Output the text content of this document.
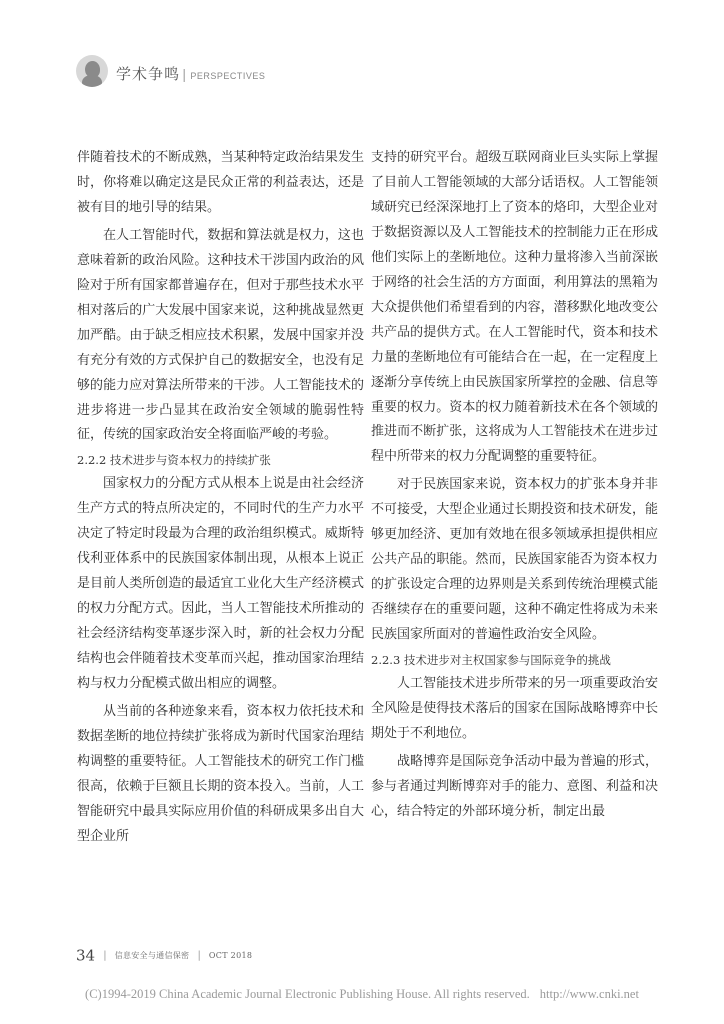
学术争鸣 | PERSPECTIVES

伴随着技术的不断成熟，当某种特定政治结果发生时，你将难以确定这是民众正常的利益表达，还是被有目的地引导的结果。

在人工智能时代，数据和算法就是权力，这也意味着新的政治风险。这种技术干涉国内政治的风险对于所有国家都普遍存在，但对于那些技术水平相对落后的广大发展中国家来说，这种挑战显然更加严酷。由于缺乏相应技术积累，发展中国家并没有充分有效的方式保护自己的数据安全，也没有足够的能力应对算法所带来的干涉。人工智能技术的进步将进一步凸显其在政治安全领域的脆弱性特征，传统的国家政治安全将面临严峻的考验。

2.2.2 技术进步与资本权力的持续扩张

国家权力的分配方式从根本上说是由社会经济生产方式的特点所决定的，不同时代的生产力水平决定了特定时段最为合理的政治组织模式。威斯特伐利亚体系中的民族国家体制出现，从根本上说正是目前人类所创造的最适宜工业化大生产经济模式的权力分配方式。因此，当人工智能技术所推动的社会经济结构变革逐步深入时，新的社会权力分配结构也会伴随着技术变革而兴起，推动国家治理结构与权力分配模式做出相应的调整。

从当前的各种迹象来看，资本权力依托技术和数据垄断的地位持续扩张将成为新时代国家治理结构调整的重要特征。人工智能技术的研究工作门槛很高，依赖于巨额且长期的资本投入。当前，人工智能研究中最具实际应用价值的科研成果多出自大型企业所

支持的研究平台。超级互联网商业巨头实际上掌握了目前人工智能领域的大部分话语权。人工智能领域研究已经深深地打上了资本的烙印，大型企业对于数据资源以及人工智能技术的控制能力正在形成他们实际上的垄断地位。这种力量将渗入当前深嵌于网络的社会生活的方方面面，利用算法的黑箱为大众提供他们希望看到的内容，潜移默化地改变公共产品的提供方式。在人工智能时代，资本和技术力量的垄断地位有可能结合在一起，在一定程度上逐渐分享传统上由民族国家所掌控的金融、信息等重要的权力。资本的权力随着新技术在各个领域的推进而不断扩张，这将成为人工智能技术在进步过程中所带来的权力分配调整的重要特征。

对于民族国家来说，资本权力的扩张本身并非不可接受，大型企业通过长期投资和技术研发，能够更加经济、更加有效地在很多领域承担提供相应公共产品的职能。然而，民族国家能否为资本权力的扩张设定合理的边界则是关系到传统治理模式能否继续存在的重要问题，这种不确定性将成为未来民族国家所面对的普遍性政治安全风险。

2.2.3 技术进步对主权国家参与国际竞争的挑战

人工智能技术进步所带来的另一项重要政治安全风险是使得技术落后的国家在国际战略博弈中长期处于不利地位。

战略博弈是国际竞争活动中最为普遍的形式，参与者通过判断博弈对手的能力、意图、利益和决心，结合特定的外部环境分析，制定出最

34 | 信息安全与通信保密 | OCT 2018
(C)1994-2019 China Academic Journal Electronic Publishing House. All rights reserved. http://www.cnki.net
